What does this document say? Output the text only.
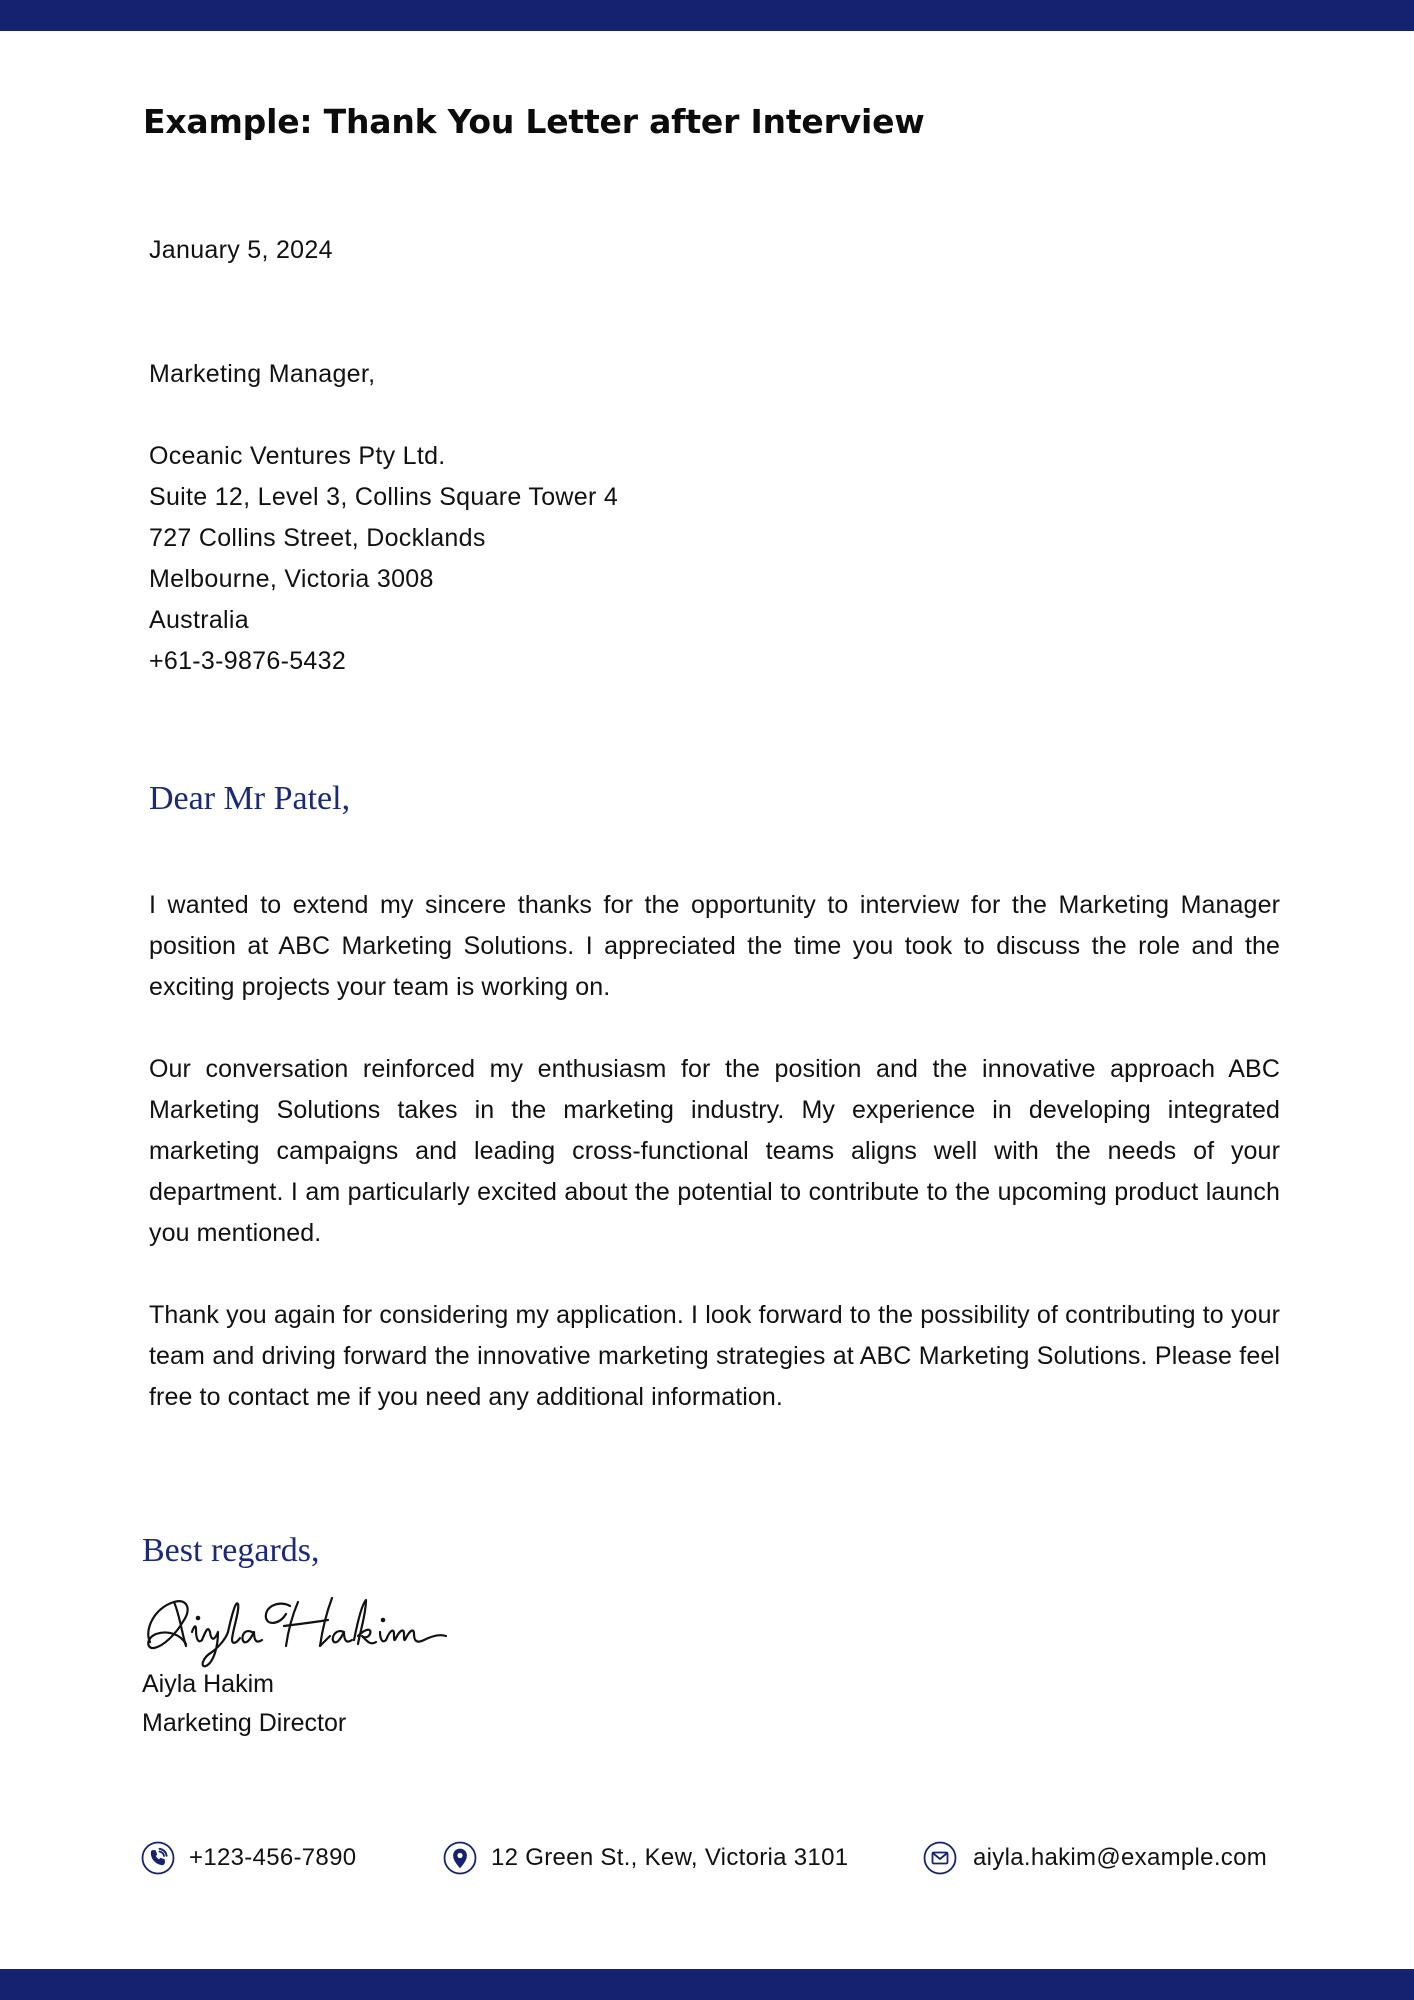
Example: Thank You Letter after Interview
January 5, 2024
Marketing Manager,
Oceanic Ventures Pty Ltd.
Suite 12, Level 3, Collins Square Tower 4
727 Collins Street, Docklands
Melbourne, Victoria 3008
Australia
+61-3-9876-5432
Dear Mr Patel,

I wanted to extend my sincere thanks for the opportunity to interview for the Marketing Manager position at ABC Marketing Solutions. I appreciated the time you took to discuss the role and the exciting projects your team is working on.

Our conversation reinforced my enthusiasm for the position and the innovative approach ABC Marketing Solutions takes in the marketing industry. My experience in developing integrated marketing campaigns and leading cross-functional teams aligns well with the needs of your department. I am particularly excited about the potential to contribute to the upcoming product launch you mentioned.

Thank you again for considering my application. I look forward to the possibility of contributing to your team and driving forward the innovative marketing strategies at ABC Marketing Solutions. Please feel free to contact me if you need any additional information.

Best regards,
Aiyla Hakim
Marketing Director
+123-456-7890	12 Green St., Kew, Victoria 3101	aiyla.hakim@example.com
